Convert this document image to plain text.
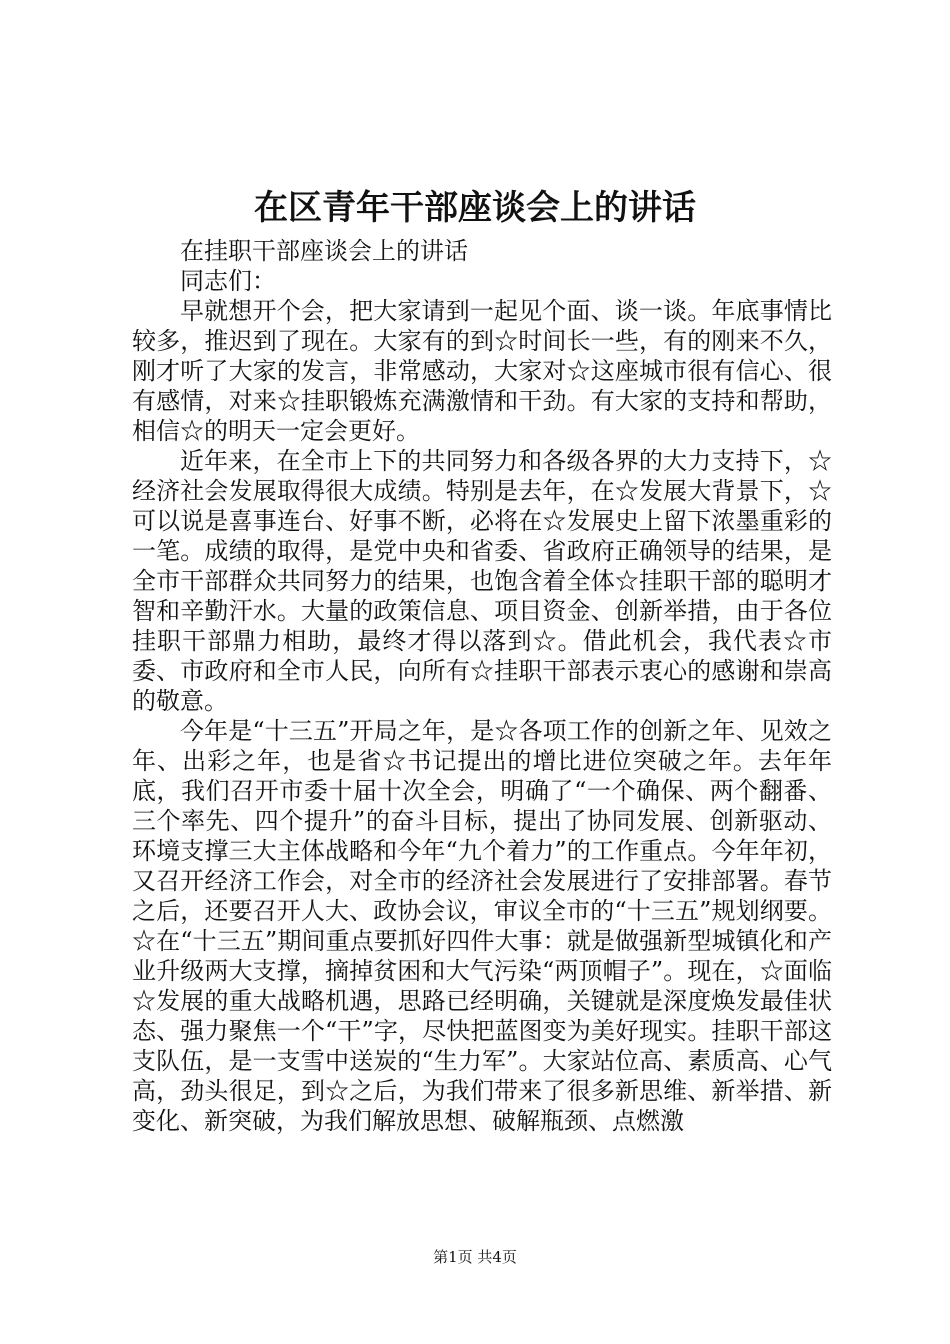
在区青年干部座谈会上的讲话

在挂职干部座谈会上的讲话

同志们：

早就想开个会，把大家请到一起见个面、谈一谈。年底事情比较多，推迟到了现在。大家有的到☆时间长一些，有的刚来不久，刚才听了大家的发言，非常感动，大家对☆这座城市很有信心、很有感情，对来☆挂职锻炼充满激情和干劲。有大家的支持和帮助，相信☆的明天一定会更好。

近年来，在全市上下的共同努力和各级各界的大力支持下，☆经济社会发展取得很大成绩。特别是去年，在☆发展大背景下，☆可以说是喜事连台、好事不断，必将在☆发展史上留下浓墨重彩的一笔。成绩的取得，是党中央和省委、省政府正确领导的结果，是全市干部群众共同努力的结果，也饱含着全体☆挂职干部的聪明才智和辛勤汗水。大量的政策信息、项目资金、创新举措，由于各位挂职干部鼎力相助，最终才得以落到☆。借此机会，我代表☆市委、市政府和全市人民，向所有☆挂职干部表示衷心的感谢和崇高的敬意。

今年是“十三五”开局之年，是☆各项工作的创新之年、见效之年、出彩之年，也是省☆书记提出的增比进位突破之年。去年年底，我们召开市委十届十次全会，明确了“一个确保、两个翻番、三个率先、四个提升”的奋斗目标，提出了协同发展、创新驱动、环境支撑三大主体战略和今年“九个着力”的工作重点。今年年初，又召开经济工作会，对全市的经济社会发展进行了安排部署。春节之后，还要召开人大、政协会议，审议全市的“十三五”规划纲要。☆在“十三五”期间重点要抓好四件大事：就是做强新型城镇化和产业升级两大支撑，摘掉贫困和大气污染“两顶帽子”。现在，☆面临☆发展的重大战略机遇，思路已经明确，关键就是深度焕发最佳状态、强力聚焦一个“干”字，尽快把蓝图变为美好现实。挂职干部这支队伍，是一支雪中送炭的“生力军”。大家站位高、素质高、心气高，劲头很足，到☆之后，为我们带来了很多新思维、新举措、新变化、新突破，为我们解放思想、破解瓶颈、点燃激

第1页 共4页
